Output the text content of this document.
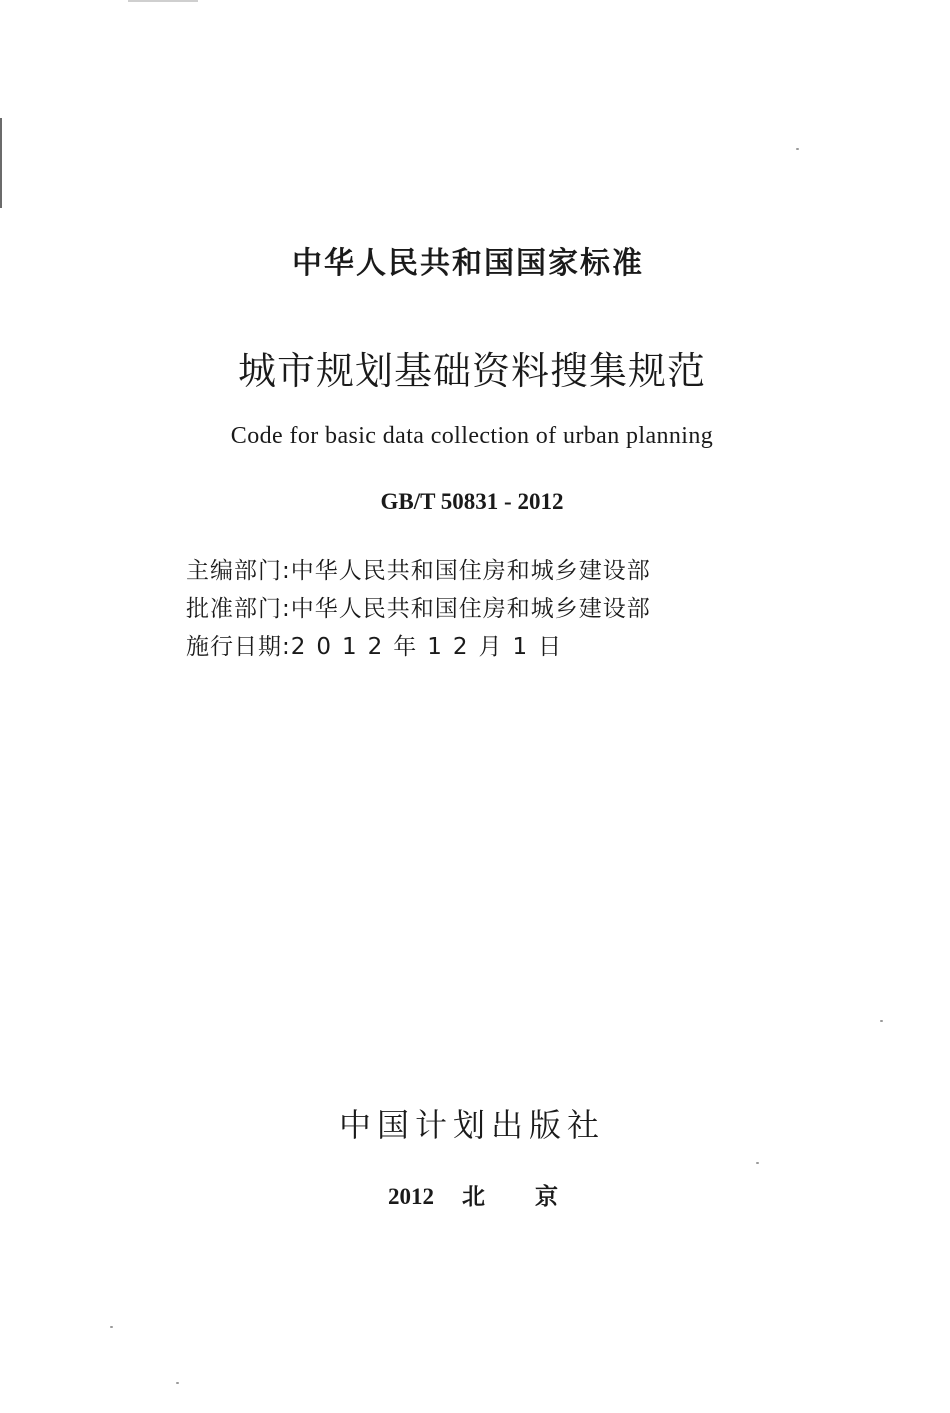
中华人民共和国国家标准
城市规划基础资料搜集规范
Code for basic data collection of urban planning
GB/T 50831 - 2012
主编部门:中华人民共和国住房和城乡建设部
批准部门:中华人民共和国住房和城乡建设部
施行日期:2012年12月1日
中国计划出版社
2012 北京
